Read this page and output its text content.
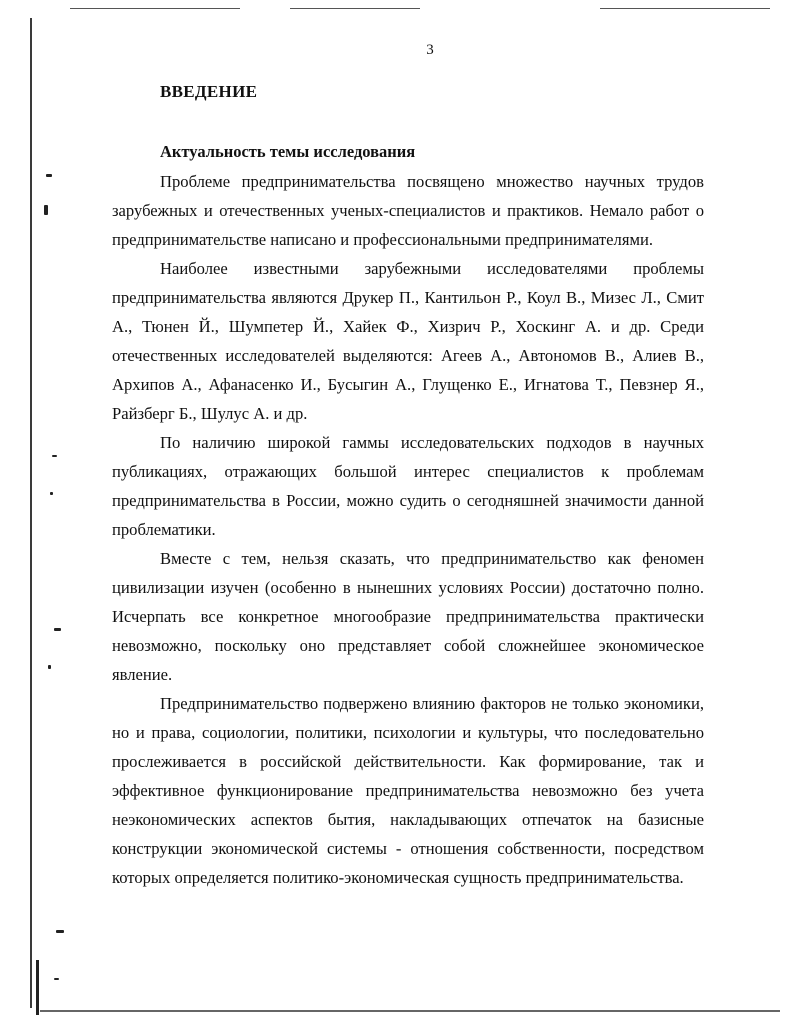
3
ВВЕДЕНИЕ
Актуальность темы исследования

Проблеме предпринимательства посвящено множество научных трудов зарубежных и отечественных ученых-специалистов и практиков. Немало работ о предпринимательстве написано и профессиональными предпринимателями.

Наиболее известными зарубежными исследователями проблемы предпринимательства являются Друкер П., Кантильон Р., Коул В., Мизес Л., Смит А., Тюнен Й., Шумпетер Й., Хайек Ф., Хизрич Р., Хоскинг А. и др. Среди отечественных исследователей выделяются: Агеев А., Автономов В., Алиев В., Архипов А., Афанасенко И., Бусыгин А., Глущенко Е., Игнатова Т., Певзнер Я., Райзберг Б., Шулус А. и др.

По наличию широкой гаммы исследовательских подходов в научных публикациях, отражающих большой интерес специалистов к проблемам предпринимательства в России, можно судить о сегодняшней значимости данной проблематики.

Вместе с тем, нельзя сказать, что предпринимательство как феномен цивилизации изучен (особенно в нынешних условиях России) достаточно полно. Исчерпать все конкретное многообразие предпринимательства практически невозможно, поскольку оно представляет собой сложнейшее экономическое явление.

Предпринимательство подвержено влиянию факторов не только экономики, но и права, социологии, политики, психологии и культуры, что последовательно прослеживается в российской действительности. Как формирование, так и эффективное функционирование предпринимательства невозможно без учета неэкономических аспектов бытия, накладывающих отпечаток на базисные конструкции экономической системы - отношения собственности, посредством которых определяется политико-экономическая сущность предпринимательства.
